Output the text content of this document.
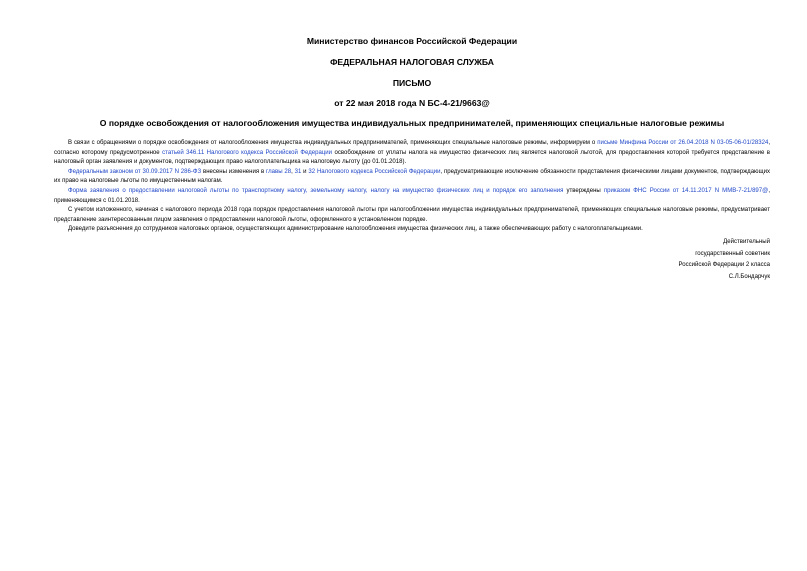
Министерство финансов Российской Федерации
ФЕДЕРАЛЬНАЯ НАЛОГОВАЯ СЛУЖБА
ПИСЬМО
от 22 мая 2018 года N БС-4-21/9663@
О порядке освобождения от налогообложения имущества индивидуальных предпринимателей, применяющих специальные налоговые режимы

В связи с обращениями о порядке освобождения от налогообложения имущества индивидуальных предпринимателей, применяющих специальные налоговые режимы, информируем о письме Минфина России от 26.04.2018 N 03-05-06-01/28324, согласно которому предусмотренное статьей 346.11 Налогового кодекса Российской Федерации освобождение от уплаты налога на имущество физических лиц является налоговой льготой, для предоставления которой требуется представление в налоговый орган заявления и документов, подтверждающих право налогоплательщика на налоговую льготу (до 01.01.2018).

Федеральным законом от 30.09.2017 N 286-ФЗ внесены изменения в главы 28, 31 и 32 Налогового кодекса Российской Федерации, предусматривающие исключение обязанности представления физическими лицами документов, подтверждающих их право на налоговые льготы по имущественным налогам.

Форма заявления о предоставлении налоговой льготы по транспортному налогу, земельному налогу, налогу на имущество физических лиц и порядок его заполнения утверждены приказом ФНС России от 14.11.2017 N ММВ-7-21/897@, применяющимся с 01.01.2018.

С учетом изложенного, начиная с налогового периода 2018 года порядок предоставления налоговой льготы при налогообложении имущества индивидуальных предпринимателей, применяющих специальные налоговые режимы, предусматривает представление заинтересованным лицом заявления о предоставлении налоговой льготы, оформленного в установленном порядке.

Доведите разъяснения до сотрудников налоговых органов, осуществляющих администрирование налогообложения имущества физических лиц, а также обеспечивающих работу с налогоплательщиками.

Действительный
государственный советник
Российской Федерации 2 класса
С.Л.Бондарчук
